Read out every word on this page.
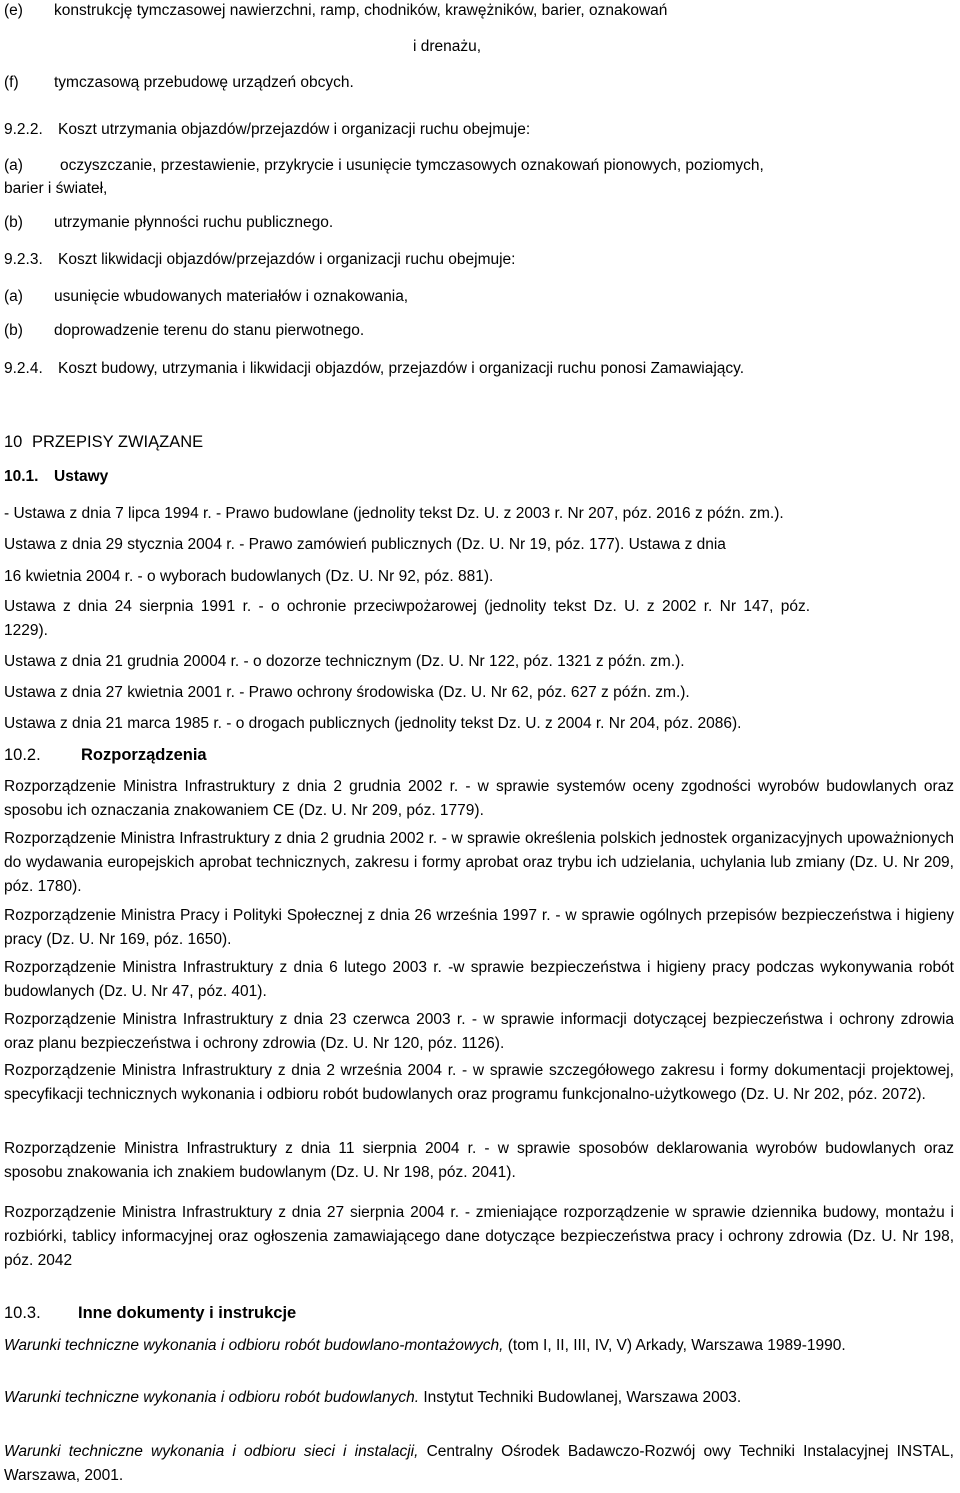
(e) konstrukcję tymczasowej nawierzchni, ramp, chodników, krawężników, barier, oznakowań
i drenażu,
(f) tymczasową przebudowę urządzeń obcych.
9.2.2. Koszt utrzymania objazdów/przejazdów i organizacji ruchu obejmuje:
(a) oczyszczanie, przestawienie, przykrycie i usunięcie tymczasowych oznakowań pionowych, poziomych,
barier i świateł,
(b) utrzymanie płynności ruchu publicznego.
9.2.3. Koszt likwidacji objazdów/przejazdów i organizacji ruchu obejmuje:
(a) usunięcie wbudowanych materiałów i oznakowania,
(b) doprowadzenie terenu do stanu pierwotnego.
9.2.4. Koszt budowy, utrzymania i likwidacji objazdów, przejazdów i organizacji ruchu ponosi Zamawiający.
10 PRZEPISY ZWIĄZANE
10.1. Ustawy
- Ustawa z dnia 7 lipca 1994 r. - Prawo budowlane (jednolity tekst Dz. U. z 2003 r. Nr 207, póz. 2016 z późn. zm.).
Ustawa z dnia 29 stycznia 2004 r. - Prawo zamówień publicznych (Dz. U. Nr 19, póz. 177). Ustawa z dnia
16 kwietnia 2004 r. - o wyborach budowlanych (Dz. U. Nr 92, póz. 881).
Ustawa z dnia 24 sierpnia 1991 r. - o ochronie przeciwpożarowej (jednolity tekst Dz. U. z 2002 r. Nr 147, póz.
1229).
Ustawa z dnia 21 grudnia 20004 r. - o dozorze technicznym (Dz. U. Nr 122, póz. 1321 z późn. zm.).
Ustawa z dnia 27 kwietnia 2001 r. - Prawo ochrony środowiska (Dz. U. Nr 62, póz. 627 z późn. zm.).
Ustawa z dnia 21 marca 1985 r. - o drogach publicznych (jednolity tekst Dz. U. z 2004 r. Nr 204, póz. 2086).
10.2. Rozporządzenia
Rozporządzenie Ministra Infrastruktury z dnia 2 grudnia 2002 r. - w sprawie systemów oceny zgodności wyrobów budowlanych oraz sposobu ich oznaczania znakowaniem CE (Dz. U. Nr 209, póz. 1779).
Rozporządzenie Ministra Infrastruktury z dnia 2 grudnia 2002 r. - w sprawie określenia polskich jednostek organizacyjnych upoważnionych do wydawania europejskich aprobat technicznych, zakresu i formy aprobat oraz trybu ich udzielania, uchylania lub zmiany (Dz. U. Nr 209, póz. 1780).
Rozporządzenie Ministra Pracy i Polityki Społecznej z dnia 26 września 1997 r. - w sprawie ogólnych przepisów bezpieczeństwa i higieny pracy (Dz. U. Nr 169, póz. 1650).
Rozporządzenie Ministra Infrastruktury z dnia 6 lutego 2003 r. -w sprawie bezpieczeństwa i higieny pracy podczas wykonywania robót budowlanych (Dz. U. Nr 47, póz. 401).
Rozporządzenie Ministra Infrastruktury z dnia 23 czerwca 2003 r. - w sprawie informacji dotyczącej bezpieczeństwa i ochrony zdrowia oraz planu bezpieczeństwa i ochrony zdrowia (Dz. U. Nr 120, póz. 1126).
Rozporządzenie Ministra Infrastruktury z dnia 2 września 2004 r. - w sprawie szczegółowego zakresu i formy dokumentacji projektowej, specyfikacji technicznych wykonania i odbioru robót budowlanych oraz programu funkcjonalno-użytkowego (Dz. U. Nr 202, póz. 2072).
Rozporządzenie Ministra Infrastruktury z dnia 11 sierpnia 2004 r. - w sprawie sposobów deklarowania wyrobów budowlanych oraz sposobu znakowania ich znakiem budowlanym (Dz. U. Nr 198, póz. 2041).
Rozporządzenie Ministra Infrastruktury z dnia 27 sierpnia 2004 r. - zmieniające rozporządzenie w sprawie dziennika budowy, montażu i rozbiórki, tablicy informacyjnej oraz ogłoszenia zamawiającego dane dotyczące bezpieczeństwa pracy i ochrony zdrowia (Dz. U. Nr 198, póz. 2042
10.3. Inne dokumenty i instrukcje
Warunki techniczne wykonania i odbioru robót budowlano-montażowych, (tom I, II, III, IV, V) Arkady, Warszawa 1989-1990.
Warunki techniczne wykonania i odbioru robót budowlanych. Instytut Techniki Budowlanej, Warszawa 2003.
Warunki techniczne wykonania i odbioru sieci i instalacji, Centralny Ośrodek Badawczo-Rozwój owy Techniki Instalacyjnej INSTAL, Warszawa, 2001.
